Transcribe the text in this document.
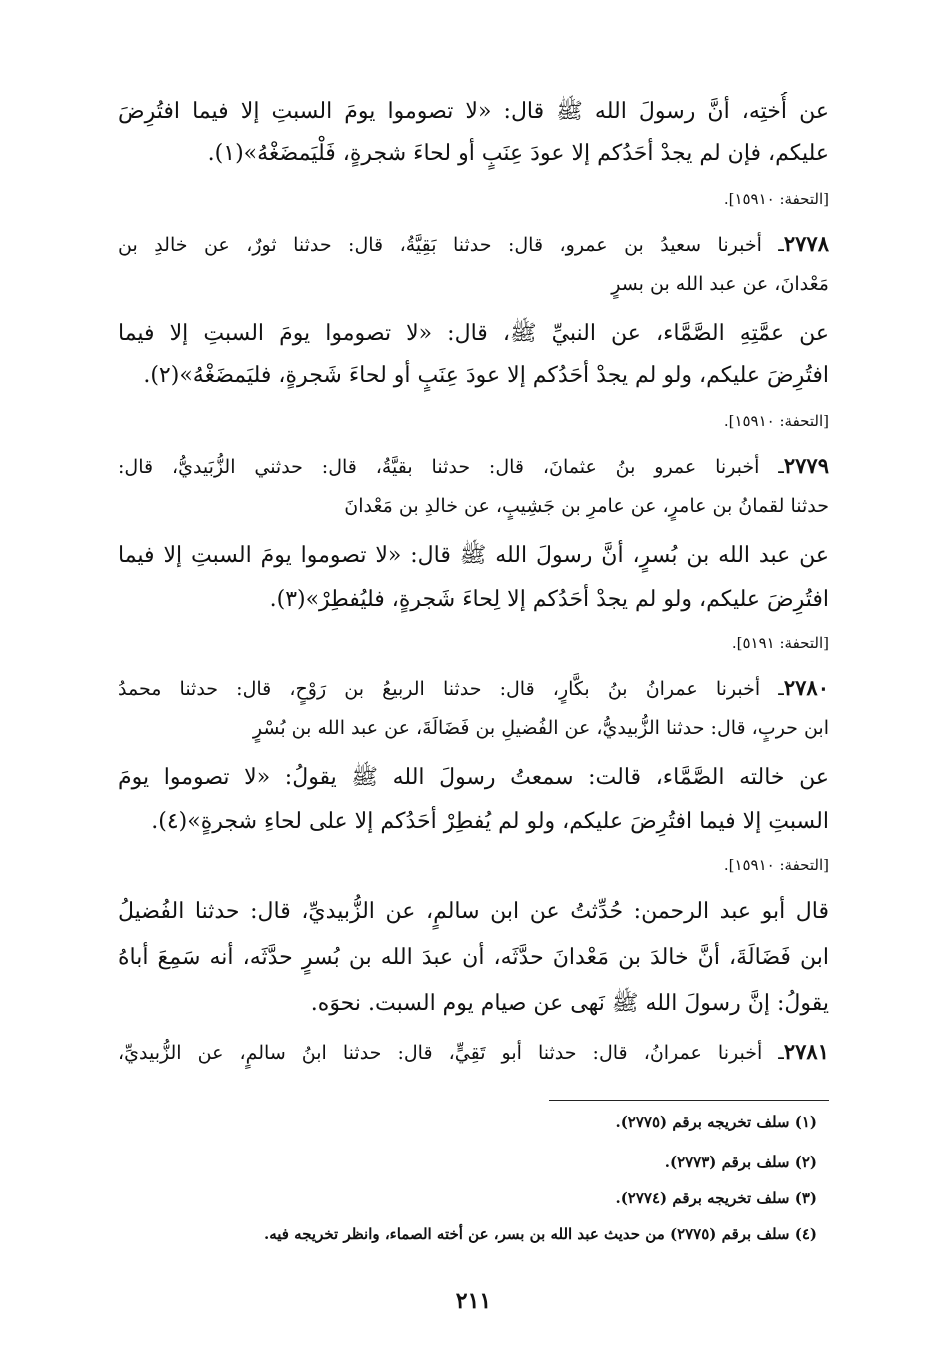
عن أُختِه، أنَّ رسولَ الله ﷺ قال: «لا تصوموا يومَ السبتِ إلا فيما افتُرِضَ
عليكم، فإن لم يجدْ أحَدُكم إلا عودَ عِنَبٍ أو لحاءَ شجرةٍ، فَلْيَمضَغْهُ»(١).
[التحفة: ١٥٩١٠].
٢٧٧٨ـ أخبرنا سعيدُ بن عمرو، قال: حدثنا بَقِيَّةُ، قال: حدثنا ثورٌ، عن خالدِ بن
مَعْدانَ، عن عبد الله بن بسرٍ
عن عمَّتِهِ الصَّمَّاء، عن النبيِّ ﷺ، قال: «لا تصوموا يومَ السبتِ إلا فيما
افتُرِضَ عليكم، ولو لم يجدْ أحَدُكم إلا عودَ عِنَبٍ أو لحاءَ شَجرةٍ، فليَمضَغْهُ»(٢).
[التحفة: ١٥٩١٠].
٢٧٧٩ـ أخبرنا عمرو بنُ عثمانَ، قال: حدثنا بقيَّةُ، قال: حدثني الزُّبَيديُّ، قال:
حدثنا لقمانُ بن عامرٍ، عن عامرِ بن جَشِيبٍ، عن خالدِ بن مَعْدانَ
عن عبد الله بن بُسرٍ، أنَّ رسولَ الله ﷺ قال: «لا تصوموا يومَ السبتِ إلا فيما
افتُرِضَ عليكم، ولو لم يجدْ أحَدُكم إلا لِحاءَ شَجرةٍ، فليُفطِرْ»(٣).
[التحفة: ٥١٩١].
٢٧٨٠ـ أخبرنا عمرانُ بنُ بكَّارٍ، قال: حدثنا الربيعُ بن رَوْحٍ، قال: حدثنا محمدُ
ابن حربٍ، قال: حدثنا الزُّبيديُّ، عن الفُضيلِ بن فَضَالَةَ، عن عبد الله بن بُسْرٍ
عن خالته الصَّمَّاء، قالت: سمعتُ رسولَ الله ﷺ يقولُ: «لا تصوموا يومَ
السبتِ إلا فيما افتُرِضَ عليكم، ولو لم يُفطِرْ أحَدُكم إلا على لحاءِ شجرةٍ»(٤).
[التحفة: ١٥٩١٠].
قال أبو عبد الرحمن: حُدِّثتُ عن ابن سالمٍ، عن الزُّبيديِّ، قال: حدثنا الفُضيلُ
ابن فَضَالَةَ، أنَّ خالدَ بن مَعْدانَ حدَّثَه، أن عبدَ الله بن بُسرٍ حدَّثَه، أنه سَمِعَ أباهُ
يقولُ: إنَّ رسولَ الله ﷺ نَهى عن صيام يوم السبت. نحوَه.
٢٧٨١ـ أخبرنا عمرانُ، قال: حدثنا أبو تَقِيٍّ، قال: حدثنا ابنُ سالمٍ، عن الزُّبيديِّ،
(١) سلف تخريجه برقم (٢٧٧٥).
(٢) سلف برقم (٢٧٧٣).
(٣) سلف تخريجه برقم (٢٧٧٤).
(٤) سلف برقم (٢٧٧٥) من حديث عبد الله بن بسر، عن أخته الصماء، وانظر تخريجه فيه.
٢١١
